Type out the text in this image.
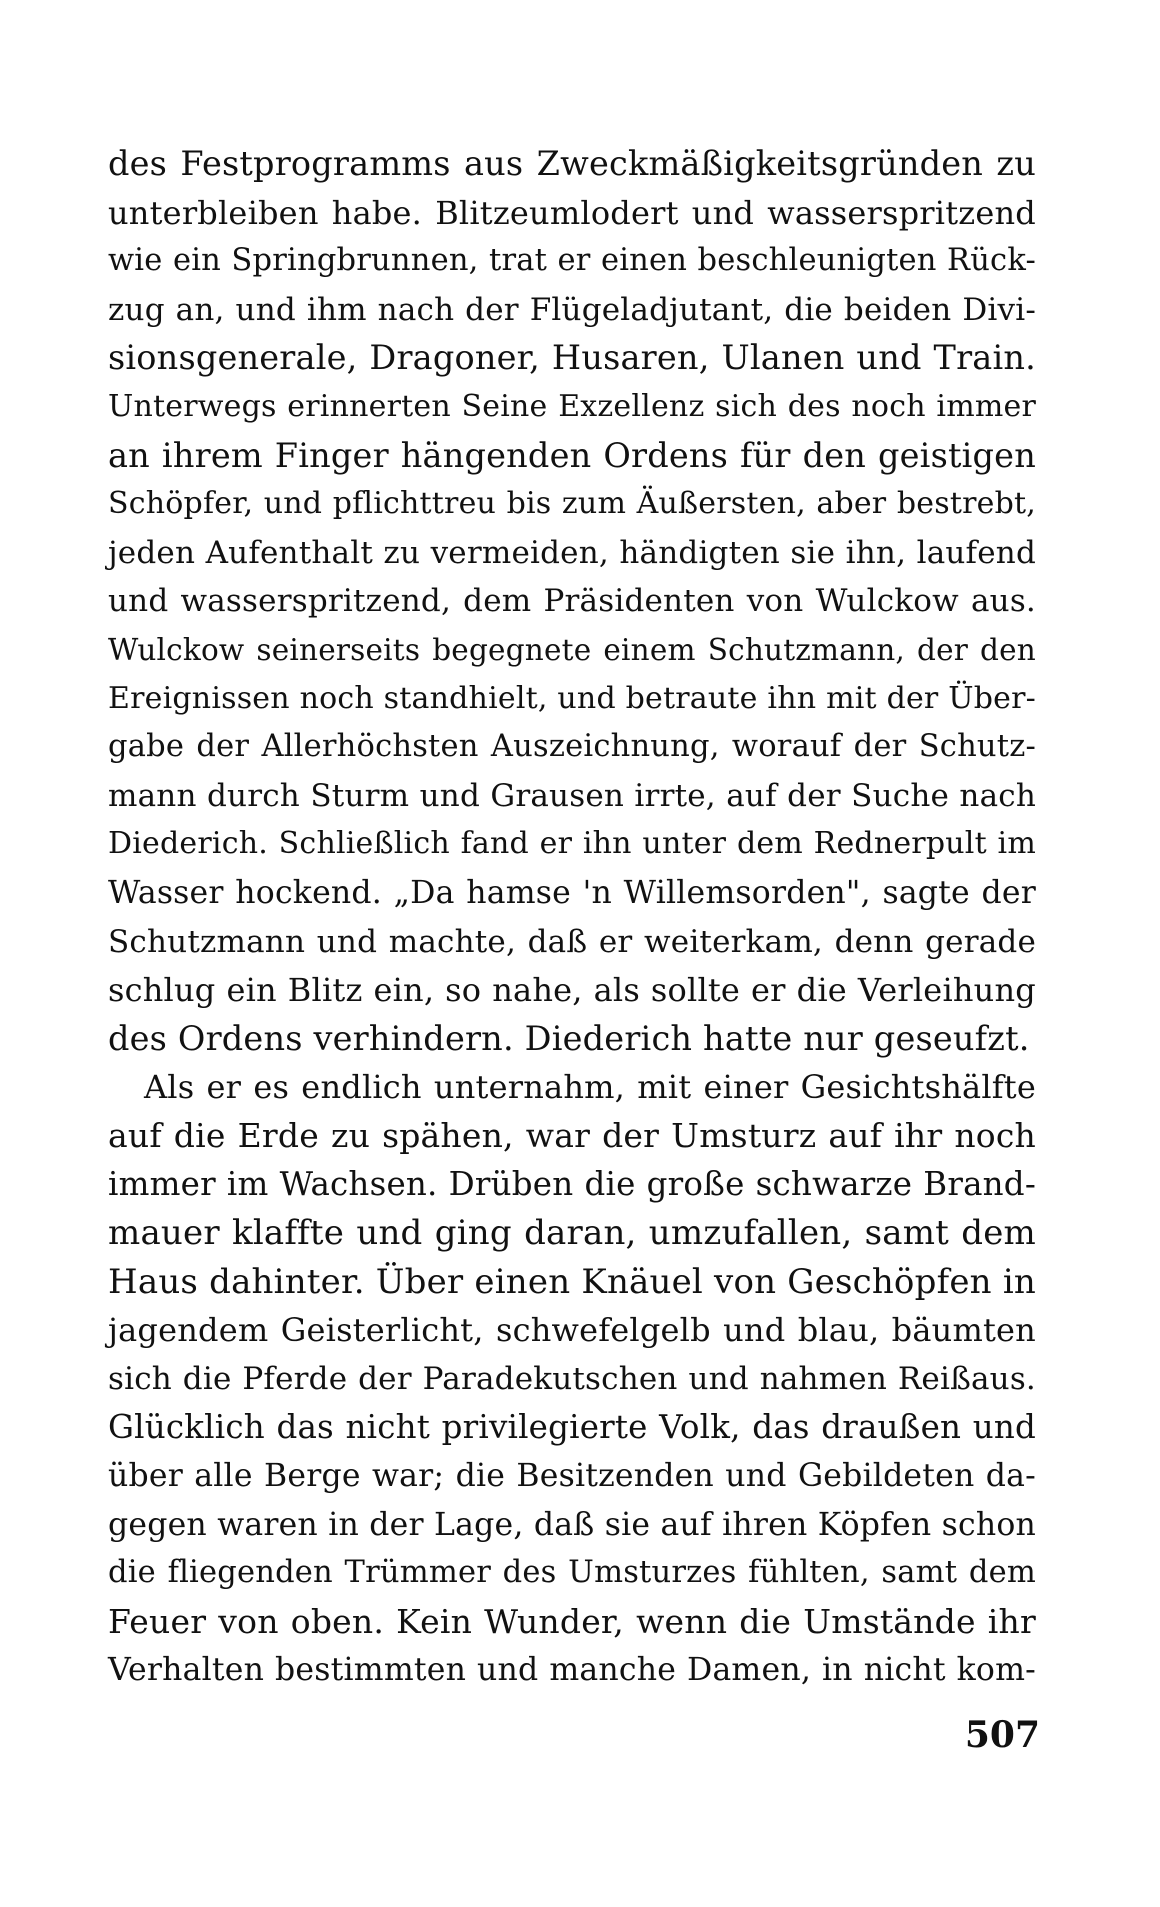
des Festprogramms aus Zweckmäßigkeitsgründen zu
unterbleiben habe. Blitzeumlodert und wasserspritzend
wie ein Springbrunnen, trat er einen beschleunigten Rück-
zug an, und ihm nach der Flügeladjutant, die beiden Divi-
sionsgenerale, Dragoner, Husaren, Ulanen und Train.
Unterwegs erinnerten Seine Exzellenz sich des noch immer
an ihrem Finger hängenden Ordens für den geistigen
Schöpfer, und pflichttreu bis zum Äußersten, aber bestrebt,
jeden Aufenthalt zu vermeiden, händigten sie ihn, laufend
und wasserspritzend, dem Präsidenten von Wulckow aus.
Wulckow seinerseits begegnete einem Schutzmann, der den
Ereignissen noch standhielt, und betraute ihn mit der Über-
gabe der Allerhöchsten Auszeichnung, worauf der Schutz-
mann durch Sturm und Grausen irrte, auf der Suche nach
Diederich. Schließlich fand er ihn unter dem Rednerpult im
Wasser hockend. „Da hamse 'n Willemsorden", sagte der
Schutzmann und machte, daß er weiterkam, denn gerade
schlug ein Blitz ein, so nahe, als sollte er die Verleihung
des Ordens verhindern. Diederich hatte nur geseufzt.
Als er es endlich unternahm, mit einer Gesichtshälfte
auf die Erde zu spähen, war der Umsturz auf ihr noch
immer im Wachsen. Drüben die große schwarze Brand-
mauer klaffte und ging daran, umzufallen, samt dem
Haus dahinter. Über einen Knäuel von Geschöpfen in
jagendem Geisterlicht, schwefelgelb und blau, bäumten
sich die Pferde der Paradekutschen und nahmen Reißaus.
Glücklich das nicht privilegierte Volk, das draußen und
über alle Berge war; die Besitzenden und Gebildeten da-
gegen waren in der Lage, daß sie auf ihren Köpfen schon
die fliegenden Trümmer des Umsturzes fühlten, samt dem
Feuer von oben. Kein Wunder, wenn die Umstände ihr
Verhalten bestimmten und manche Damen, in nicht kom-
507
